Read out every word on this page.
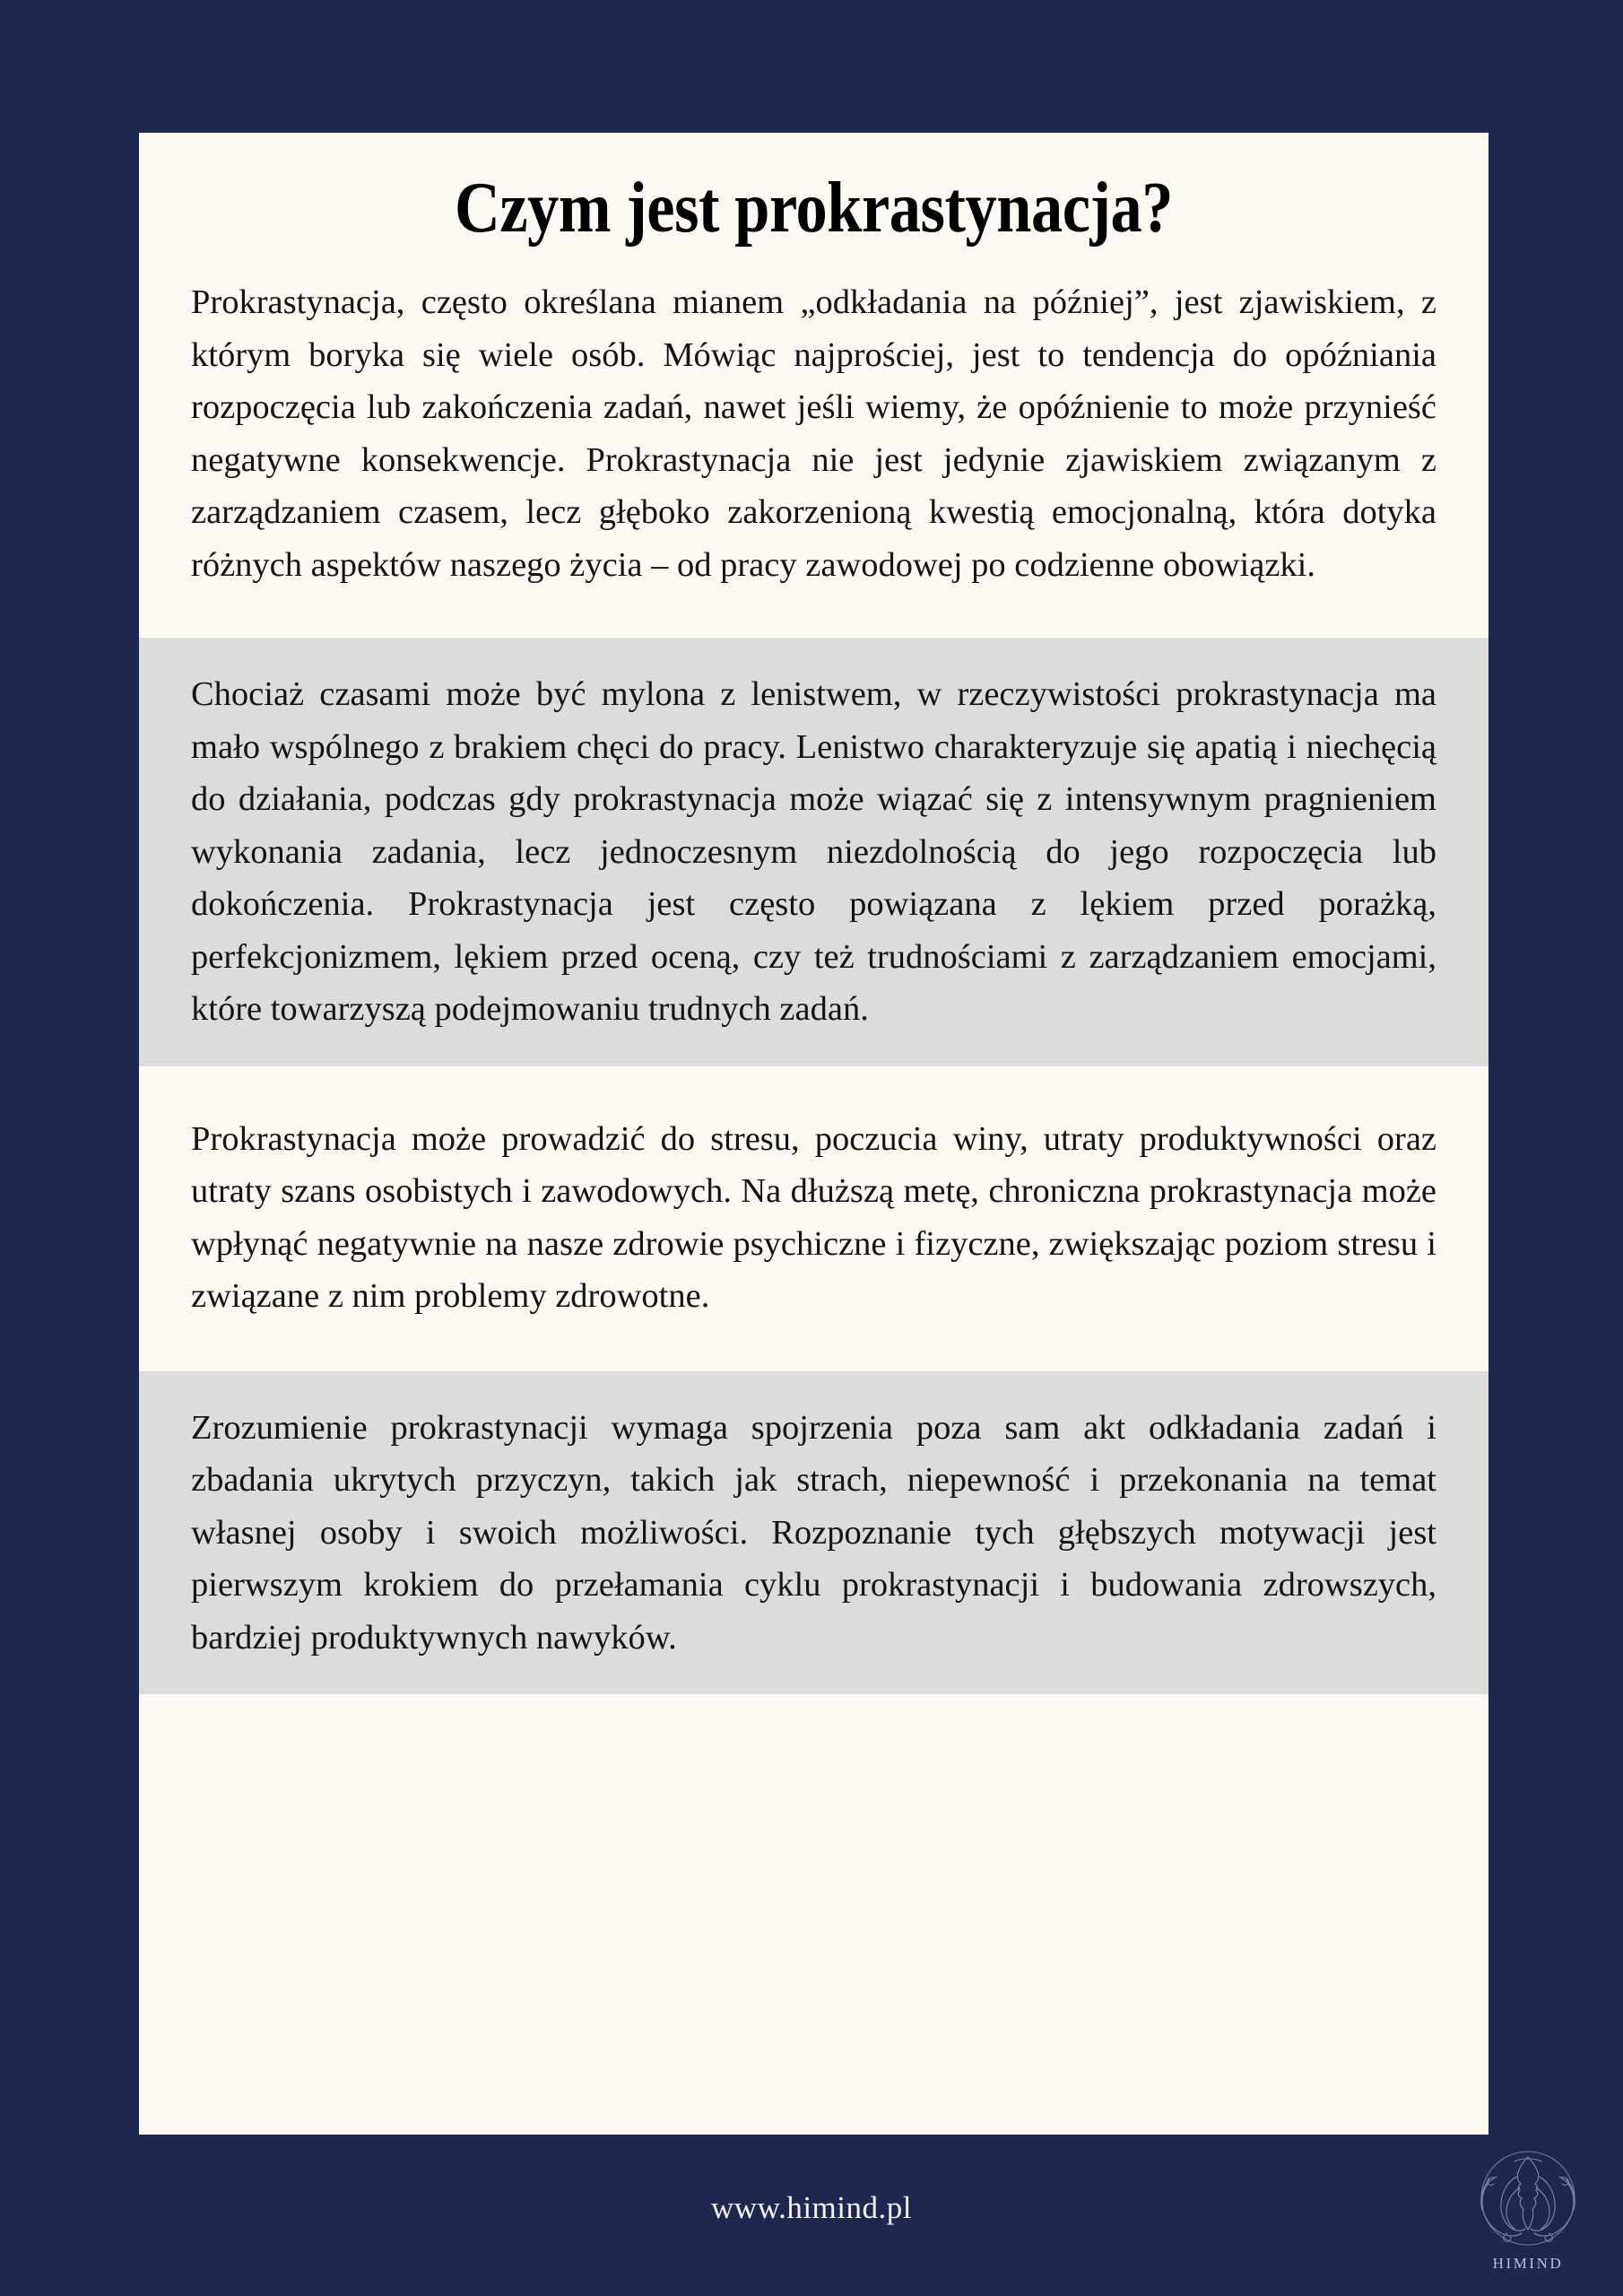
Czym jest prokrastynacja?

Prokrastynacja, często określana mianem „odkładania na później”, jest zjawiskiem, z którym boryka się wiele osób. Mówiąc najprościej, jest to tendencja do opóźniania rozpoczęcia lub zakończenia zadań, nawet jeśli wiemy, że opóźnienie to może przynieść negatywne konsekwencje. Prokrastynacja nie jest jedynie zjawiskiem związanym z zarządzaniem czasem, lecz głęboko zakorzenioną kwestią emocjonalną, która dotyka różnych aspektów naszego życia – od pracy zawodowej po codzienne obowiązki.

Chociaż czasami może być mylona z lenistwem, w rzeczywistości prokrastynacja ma mało wspólnego z brakiem chęci do pracy. Lenistwo charakteryzuje się apatią i niechęcią do działania, podczas gdy prokrastynacja może wiązać się z intensywnym pragnieniem wykonania zadania, lecz jednoczesnym niezdolnością do jego rozpoczęcia lub dokończenia. Prokrastynacja jest często powiązana z lękiem przed porażką, perfekcjonizmem, lękiem przed oceną, czy też trudnościami z zarządzaniem emocjami, które towarzyszą podejmowaniu trudnych zadań.

Prokrastynacja może prowadzić do stresu, poczucia winy, utraty produktywności oraz utraty szans osobistych i zawodowych. Na dłuższą metę, chroniczna prokrastynacja może wpłynąć negatywnie na nasze zdrowie psychiczne i fizyczne, zwiększając poziom stresu i związane z nim problemy zdrowotne.

Zrozumienie prokrastynacji wymaga spojrzenia poza sam akt odkładania zadań i zbadania ukrytych przyczyn, takich jak strach, niepewność i przekonania na temat własnej osoby i swoich możliwości. Rozpoznanie tych głębszych motywacji jest pierwszym krokiem do przełamania cyklu prokrastynacji i budowania zdrowszych, bardziej produktywnych nawyków.

www.himind.pl
HIMIND
